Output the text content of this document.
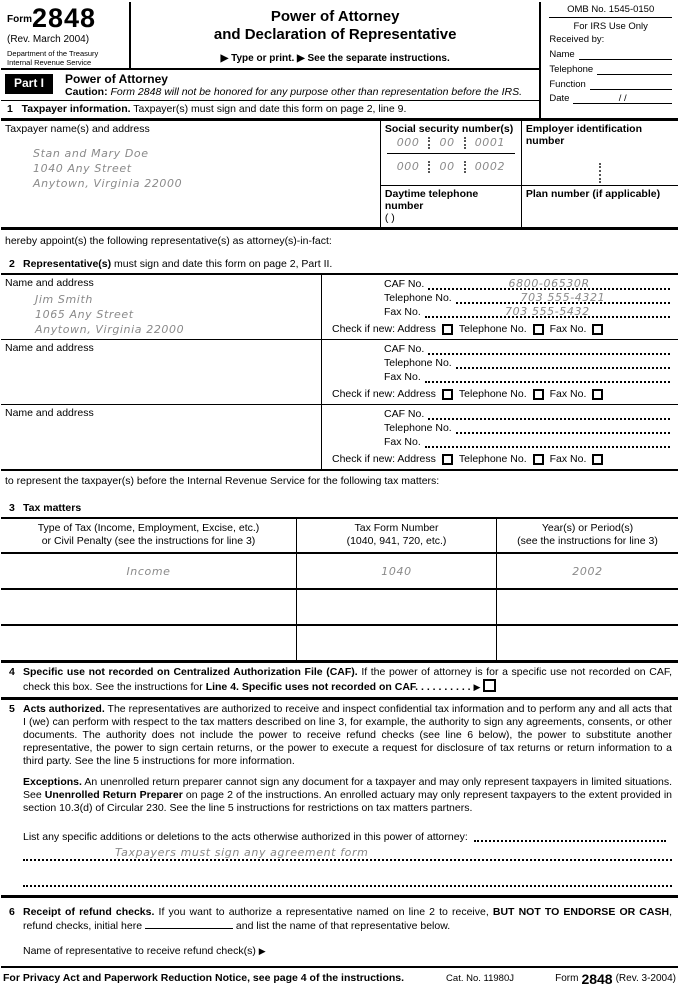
Form 2848
(Rev. March 2004)
Department of the Treasury
Internal Revenue Service
Power of Attorney
and Declaration of Representative
▶ Type or print. ▶ See the separate instructions.
Part I	Power of Attorney
Caution: Form 2848 will not be honored for any purpose other than representation before the IRS.
1 Taxpayer information. Taxpayer(s) must sign and date this form on page 2, line 9.
OMB No. 1545-0150
For IRS Use Only
Received by:
Name
Telephone
Function
Date	/ /
Taxpayer name(s) and address
Stan and Mary Doe
1040 Any Street
Anytown, Virginia 22000
Social security number(s)
000 00 0001
000 00 0002
Employer identification number
Daytime telephone number
( )
Plan number (if applicable)
hereby appoint(s) the following representative(s) as attorney(s)-in-fact:
2 Representative(s) must sign and date this form on page 2, Part II.
Name and address
Jim Smith
1065 Any Street
Anytown, Virginia 22000
CAF No.	6800-06530R
Telephone No.	703 555-4321
Fax No.	703 555-5432
Check if new: Address Telephone No. Fax No.
Name and address	CAF No.
Telephone No.
Fax No.
Check if new: Address Telephone No. Fax No.
Name and address	CAF No.
Telephone No.
Fax No.
Check if new: Address Telephone No. Fax No.
to represent the taxpayer(s) before the Internal Revenue Service for the following tax matters:
3 Tax matters
Type of Tax (Income, Employment, Excise, etc.)
or Civil Penalty (see the instructions for line 3)
Tax Form Number
(1040, 941, 720, etc.)
Year(s) or Period(s)
(see the instructions for line 3)
Income	1040	2002
4 Specific use not recorded on Centralized Authorization File (CAF). If the power of attorney is for a specific use not recorded on CAF, check this box. See the instructions for Line 4. Specific uses not recorded on CAF. . . . . . . . . . ▶
5 Acts authorized. The representatives are authorized to receive and inspect confidential tax information and to perform any and all acts that I (we) can perform with respect to the tax matters described on line 3, for example, the authority to sign any agreements, consents, or other documents. The authority does not include the power to receive refund checks (see line 6 below), the power to substitute another representative, the power to sign certain returns, or the power to execute a request for disclosure of tax returns or return information to a third party. See the line 5 instructions for more information.
Exceptions. An unenrolled return preparer cannot sign any document for a taxpayer and may only represent taxpayers in limited situations. See Unenrolled Return Preparer on page 2 of the instructions. An enrolled actuary may only represent taxpayers to the extent provided in section 10.3(d) of Circular 230. See the line 5 instructions for restrictions on tax matters partners.
List any specific additions or deletions to the acts otherwise authorized in this power of attorney:
Taxpayers must sign any agreement form
6 Receipt of refund checks. If you want to authorize a representative named on line 2 to receive, BUT NOT TO ENDORSE OR CASH, refund checks, initial here	and list the name of that representative below.
Name of representative to receive refund check(s) ▶
For Privacy Act and Paperwork Reduction Notice, see page 4 of the instructions.	Cat. No. 11980J	Form 2848 (Rev. 3-2004)
